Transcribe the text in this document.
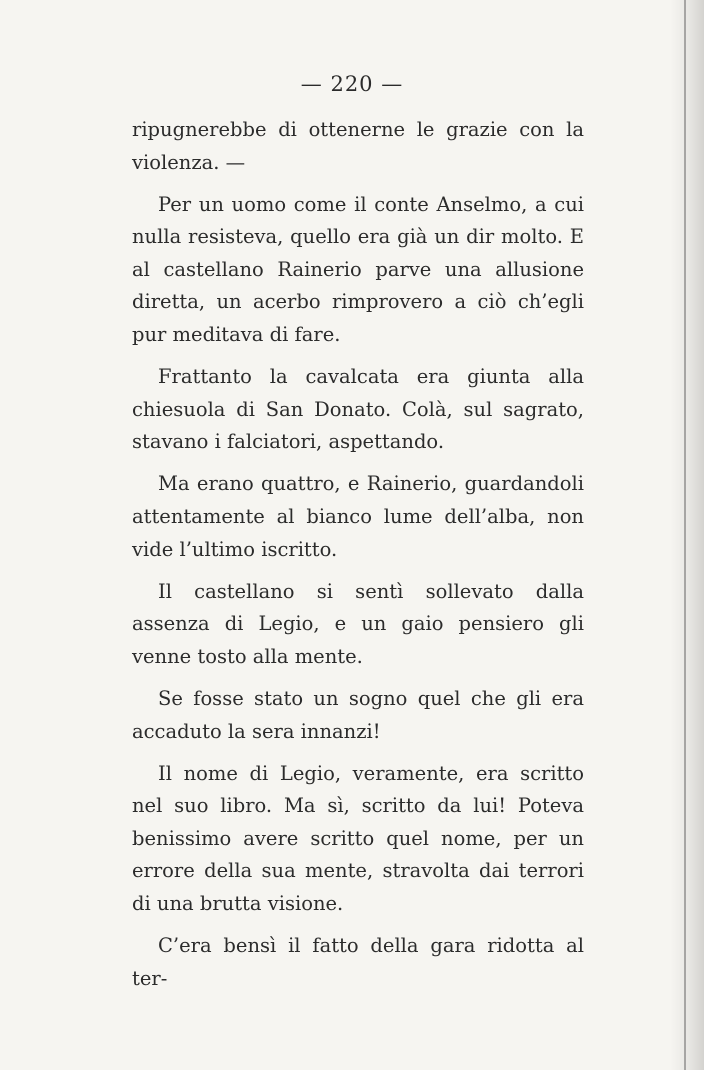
— 220 —

ripugnerebbe di ottenerne le grazie con la violenza. —

Per un uomo come il conte Anselmo, a cui nulla resisteva, quello era già un dir molto. E al castellano Rainerio parve una allusione diretta, un acerbo rimprovero a ciò ch’egli pur meditava di fare.

Frattanto la cavalcata era giunta alla chiesuola di San Donato. Colà, sul sagrato, stavano i falciatori, aspettando.

Ma erano quattro, e Rainerio, guardandoli attentamente al bianco lume dell’alba, non vide l’ultimo iscritto.

Il castellano si sentì sollevato dalla assenza di Legio, e un gaio pensiero gli venne tosto alla mente.

Se fosse stato un sogno quel che gli era accaduto la sera innanzi!

Il nome di Legio, veramente, era scritto nel suo libro. Ma sì, scritto da lui! Poteva benissimo avere scritto quel nome, per un errore della sua mente, stravolta dai terrori di una brutta visione.

C’era bensì il fatto della gara ridotta al ter-
